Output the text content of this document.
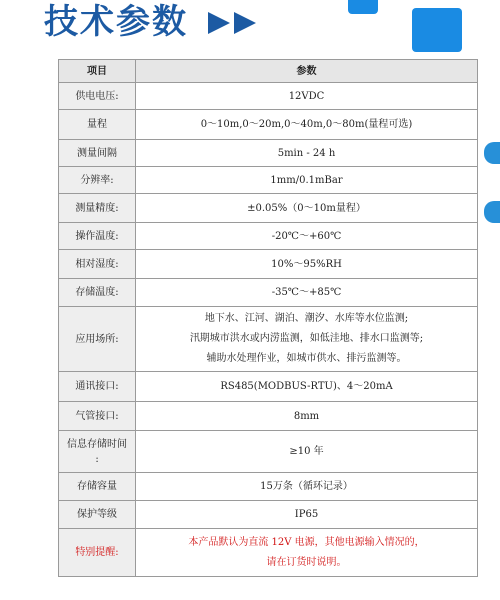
技术参数
项目	参数
供电电压:	12VDC
量程	0～10m,0～20m,0～40m,0～80m(量程可选)
测量间隔	5min - 24 h
分辨率:	1mm/0.1mBar
测量精度:	±0.05%（0～10m量程）
操作温度:	-20℃～+60℃
相对湿度:	10%～95%RH
存储温度:	-35℃～+85℃
应用场所:	地下水、江河、湖泊、潮汐、水库等水位监测;
汛期城市洪水或内涝监测，如低洼地、排水口监测等;
辅助水处理作业，如城市供水、排污监测等。

通讯接口:	RS485(MODBUS-RTU)、4～20mA
气管接口:	8mm

信息存储时间
:	≥10 年
存储容量	15万条（循环记录）
保护等级	IP65
特别提醒:	本产品默认为直流 12V 电源，其他电源输入情况的，
请在订货时说明。
